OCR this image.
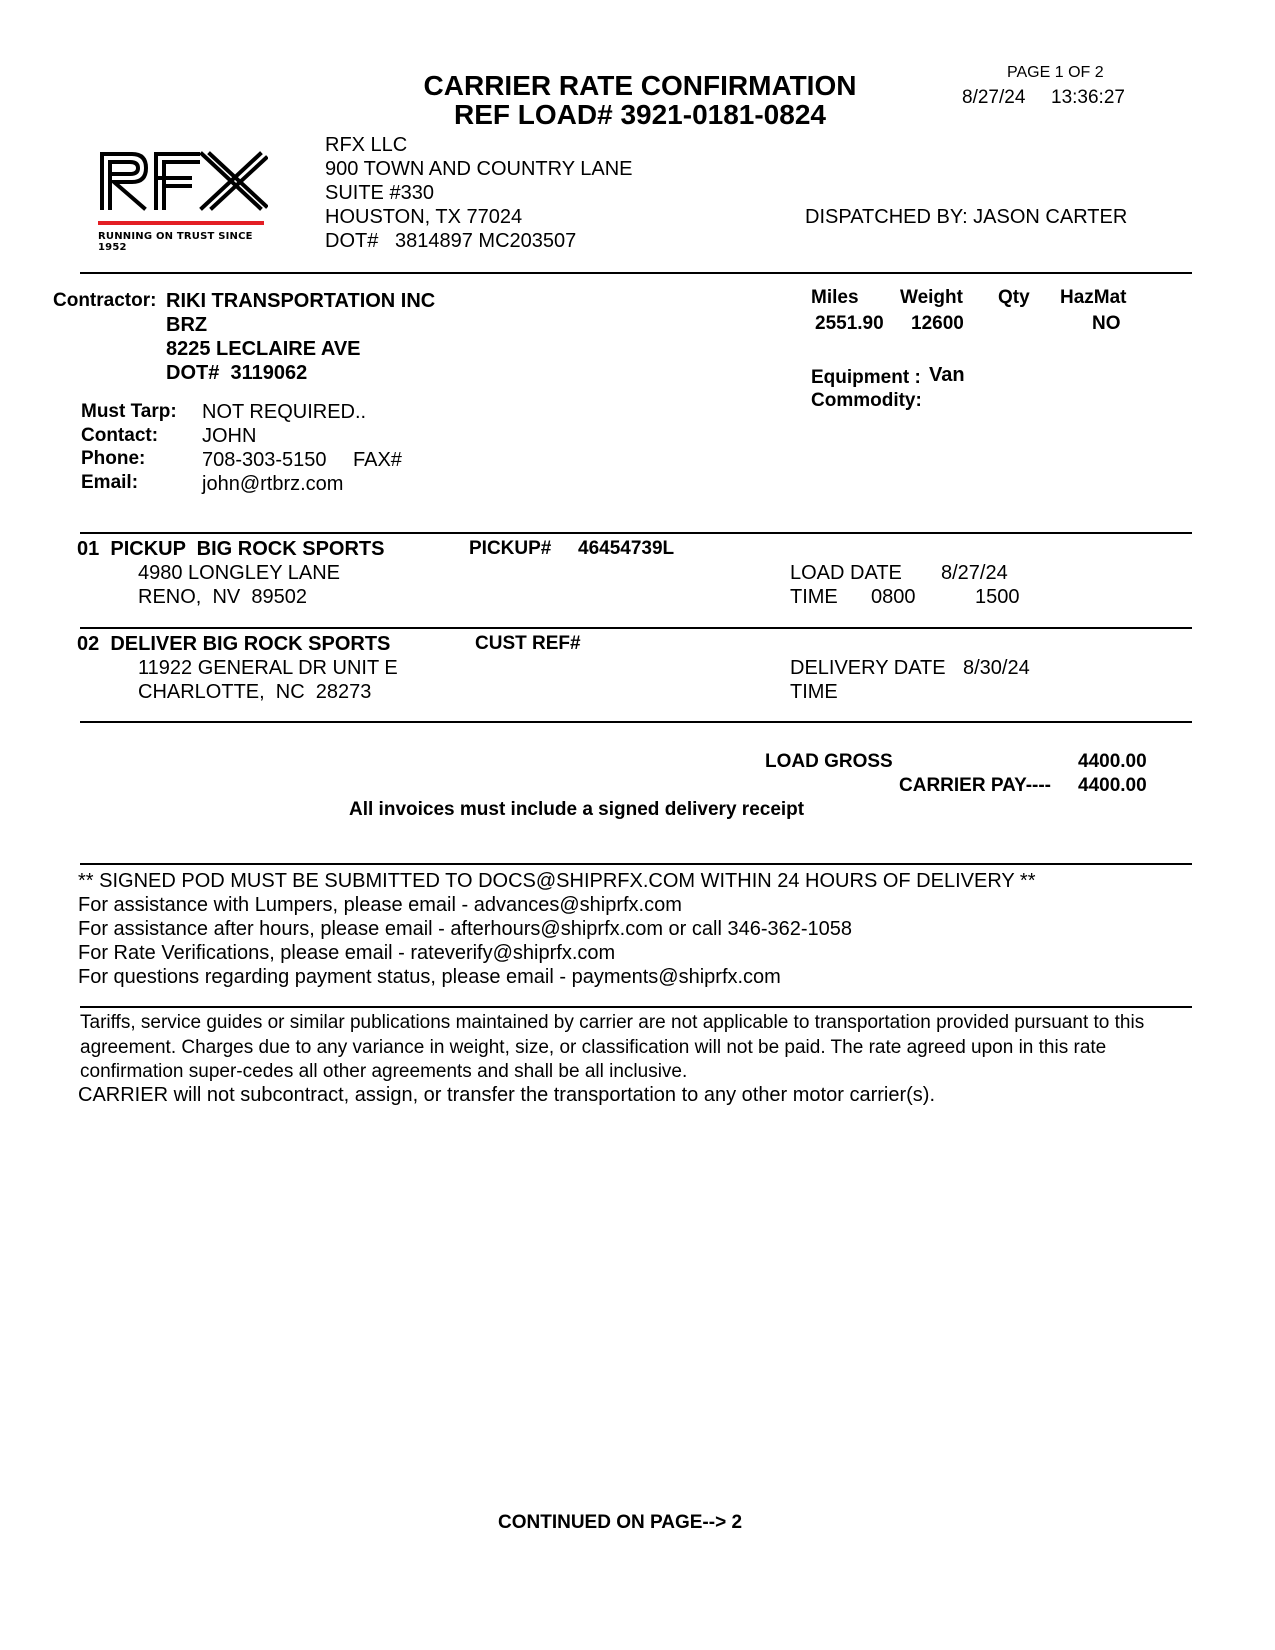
CARRIER RATE CONFIRMATION
REF LOAD# 3921-0181-0824
PAGE 1 OF 2
8/27/24 13:36:27
RUNNING ON TRUST SINCE 1952
RFX LLC
900 TOWN AND COUNTRY LANE
SUITE #330
HOUSTON, TX 77024
DOT#   3814897 MC203507
DISPATCHED BY: JASON CARTER
Contractor: RIKI TRANSPORTATION INC
BRZ
8225 LECLAIRE AVE
DOT#  3119062
Must Tarp: NOT REQUIRED..
Contact: JOHN
Phone:	708-303-5150 FAX#
Email:	john@rtbrz.com
Miles Weight Qty HazMat
2551.90 12600	NO
Equipment : Van
Commodity:
01  PICKUP  BIG ROCK SPORTS	PICKUP# 46454739L
4980 LONGLEY LANE
RENO,  NV  89502
LOAD DATE 8/27/24
TIME 0800	1500
02  DELIVER BIG ROCK SPORTS	CUST REF#
11922 GENERAL DR UNIT E
CHARLOTTE,  NC  28273
DELIVERY DATE 8/30/24
TIME
LOAD GROSS	4400.00
CARRIER PAY---- 4400.00
All invoices must include a signed delivery receipt
** SIGNED POD MUST BE SUBMITTED TO DOCS@SHIPRFX.COM WITHIN 24 HOURS OF DELIVERY **
For assistance with Lumpers, please email - advances@shiprfx.com
For assistance after hours, please email - afterhours@shiprfx.com or call 346-362-1058
For Rate Verifications, please email - rateverify@shiprfx.com
For questions regarding payment status, please email - payments@shiprfx.com
Tariffs, service guides or similar publications maintained by carrier are not applicable to transportation provided pursuant to this agreement. Charges due to any variance in weight, size, or classification will not be paid. The rate agreed upon in this rate confirmation super-cedes all other agreements and shall be all inclusive.
CARRIER will not subcontract, assign, or transfer the transportation to any other motor carrier(s).
CONTINUED ON PAGE--> 2
